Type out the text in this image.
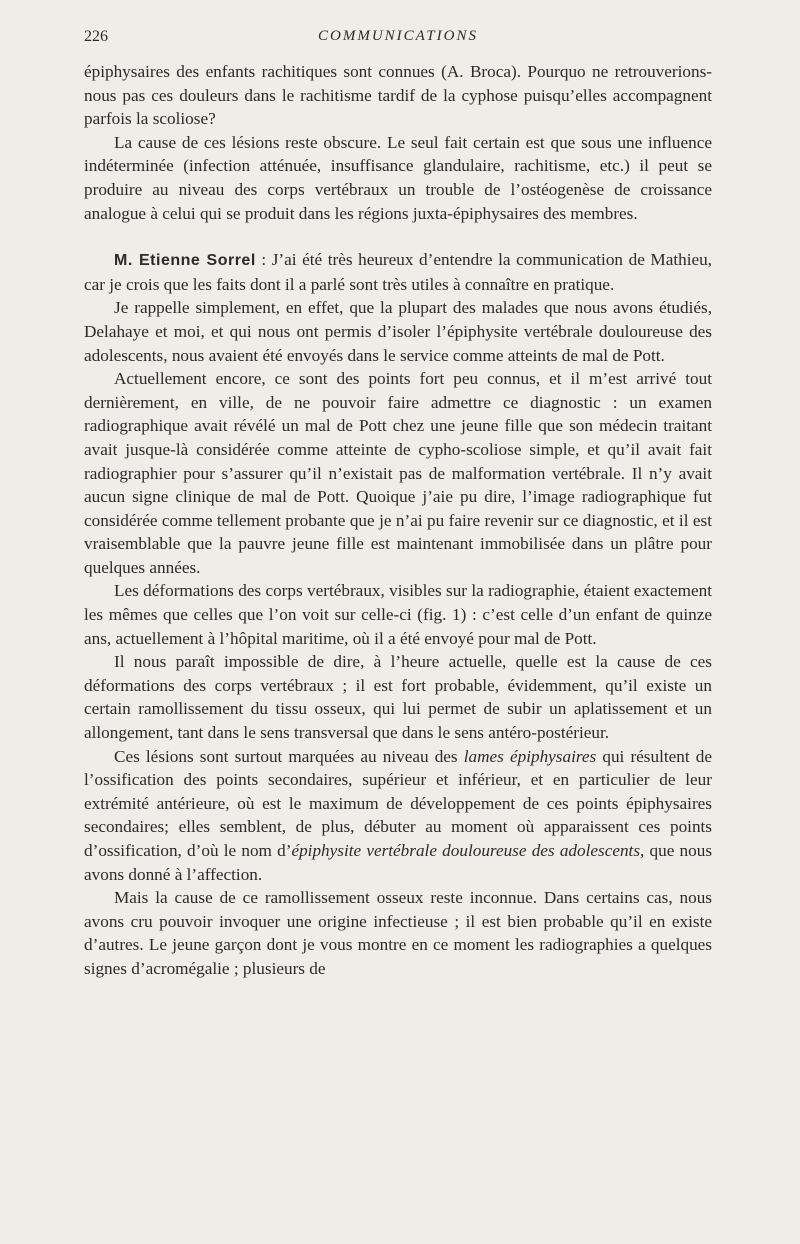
226	COMMUNICATIONS

épiphysaires des enfants rachitiques sont connues (A. Broca). Pourquo ne retrouverions-nous pas ces douleurs dans le rachitisme tardif de la cyphose puisqu’elles accompagnent parfois la scoliose?

La cause de ces lésions reste obscure. Le seul fait certain est que sous une influence indéterminée (infection atténuée, insuffisance glandulaire, rachitisme, etc.) il peut se produire au niveau des corps vertébraux un trouble de l’ostéogenèse de croissance analogue à celui qui se produit dans les régions juxta-épiphysaires des membres.

M. Etienne Sorrel : J’ai été très heureux d’entendre la communication de Mathieu, car je crois que les faits dont il a parlé sont très utiles à connaître en pratique.

Je rappelle simplement, en effet, que la plupart des malades que nous avons étudiés, Delahaye et moi, et qui nous ont permis d’isoler l’épiphysite vertébrale douloureuse des adolescents, nous avaient été envoyés dans le service comme atteints de mal de Pott.

Actuellement encore, ce sont des points fort peu connus, et il m’est arrivé tout dernièrement, en ville, de ne pouvoir faire admettre ce diagnostic : un examen radiographique avait révélé un mal de Pott chez une jeune fille que son médecin traitant avait jusque-là considérée comme atteinte de cypho-scoliose simple, et qu’il avait fait radiographier pour s’assurer qu’il n’existait pas de malformation vertébrale. Il n’y avait aucun signe clinique de mal de Pott. Quoique j’aie pu dire, l’image radiographique fut considérée comme tellement probante que je n’ai pu faire revenir sur ce diagnostic, et il est vraisemblable que la pauvre jeune fille est maintenant immobilisée dans un plâtre pour quelques années.

Les déformations des corps vertébraux, visibles sur la radiographie, étaient exactement les mêmes que celles que l’on voit sur celle-ci (fig. 1) : c’est celle d’un enfant de quinze ans, actuellement à l’hôpital maritime, où il a été envoyé pour mal de Pott.

Il nous paraît impossible de dire, à l’heure actuelle, quelle est la cause de ces déformations des corps vertébraux ; il est fort probable, évidemment, qu’il existe un certain ramollissement du tissu osseux, qui lui permet de subir un aplatissement et un allongement, tant dans le sens transversal que dans le sens antéro-postérieur.

Ces lésions sont surtout marquées au niveau des lames épiphysaires qui résultent de l’ossification des points secondaires, supérieur et inférieur, et en particulier de leur extrémité antérieure, où est le maximum de développement de ces points épiphysaires secondaires; elles semblent, de plus, débuter au moment où apparaissent ces points d’ossification, d’où le nom d’épiphysite vertébrale douloureuse des adolescents, que nous avons donné à l’affection.

Mais la cause de ce ramollissement osseux reste inconnue. Dans certains cas, nous avons cru pouvoir invoquer une origine infectieuse ; il est bien probable qu’il en existe d’autres. Le jeune garçon dont je vous montre en ce moment les radiographies a quelques signes d’acromégalie ; plusieurs de
